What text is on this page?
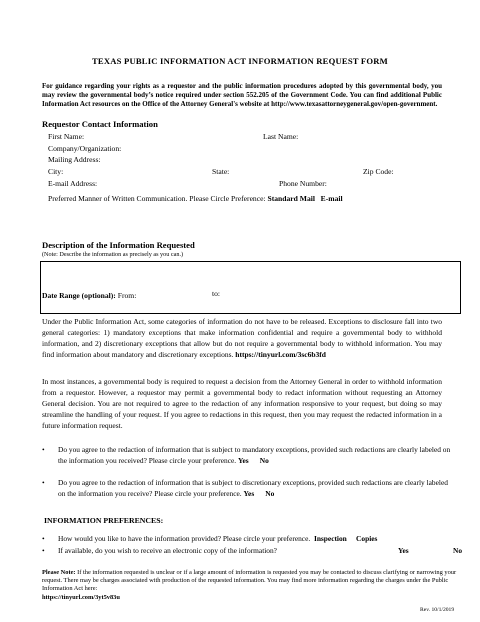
TEXAS PUBLIC INFORMATION ACT INFORMATION REQUEST FORM
For guidance regarding your rights as a requestor and the public information procedures adopted by this governmental body, you may review the governmental body’s notice required under section 552.205 of the Government Code. You can find additional Public Information Act resources on the Office of the Attorney General's website at http://www.texasattorneygeneral.gov/open-government.
Requestor Contact Information
First Name:	Last Name:
Company/Organization:
Mailing Address:
City:	State:	Zip Code:
E-mail Address:	Phone Number:
Preferred Manner of Written Communication. Please Circle Preference: Standard Mail E-mail
Description of the Information Requested
(Note: Describe the information as precisely as you can.)
Date Range (optional): From:	to:
Under the Public Information Act, some categories of information do not have to be released. Exceptions to disclosure fall into two general categories: 1) mandatory exceptions that make information confidential and require a governmental body to withhold information, and 2) discretionary exceptions that allow but do not require a governmental body to withhold information. You may find information about mandatory and discretionary exceptions. https://tinyurl.com/3sc6b3fd
In most instances, a governmental body is required to request a decision from the Attorney General in order to withhold information from a requestor. However, a requestor may permit a governmental body to redact information without requesting an Attorney General decision. You are not required to agree to the redaction of any information responsive to your request, but doing so may streamline the handling of your request. If you agree to redactions in this request, then you may request the redacted information in a future information request.
• Do you agree to the redaction of information that is subject to mandatory exceptions, provided such redactions are clearly labeled on the information you received? Please circle your preference. Yes No
• Do you agree to the redaction of information that is subject to discretionary exceptions, provided such redactions are clearly labeled on the information you receive? Please circle your preference. Yes No
INFORMATION PREFERENCES:
• How would you like to have the information provided? Please circle your preference. Inspection Copies
• If available, do you wish to receive an electronic copy of the information?	Yes	No
Please Note: If the information requested is unclear or if a large amount of information is requested you may be contacted to discuss clarifying or narrowing your request. There may be charges associated with production of the requested information. You may find more information regarding the charges under the Public Information Act here:
https://tinyurl.com/3yt5v83u
Rev. 10/1/2019
